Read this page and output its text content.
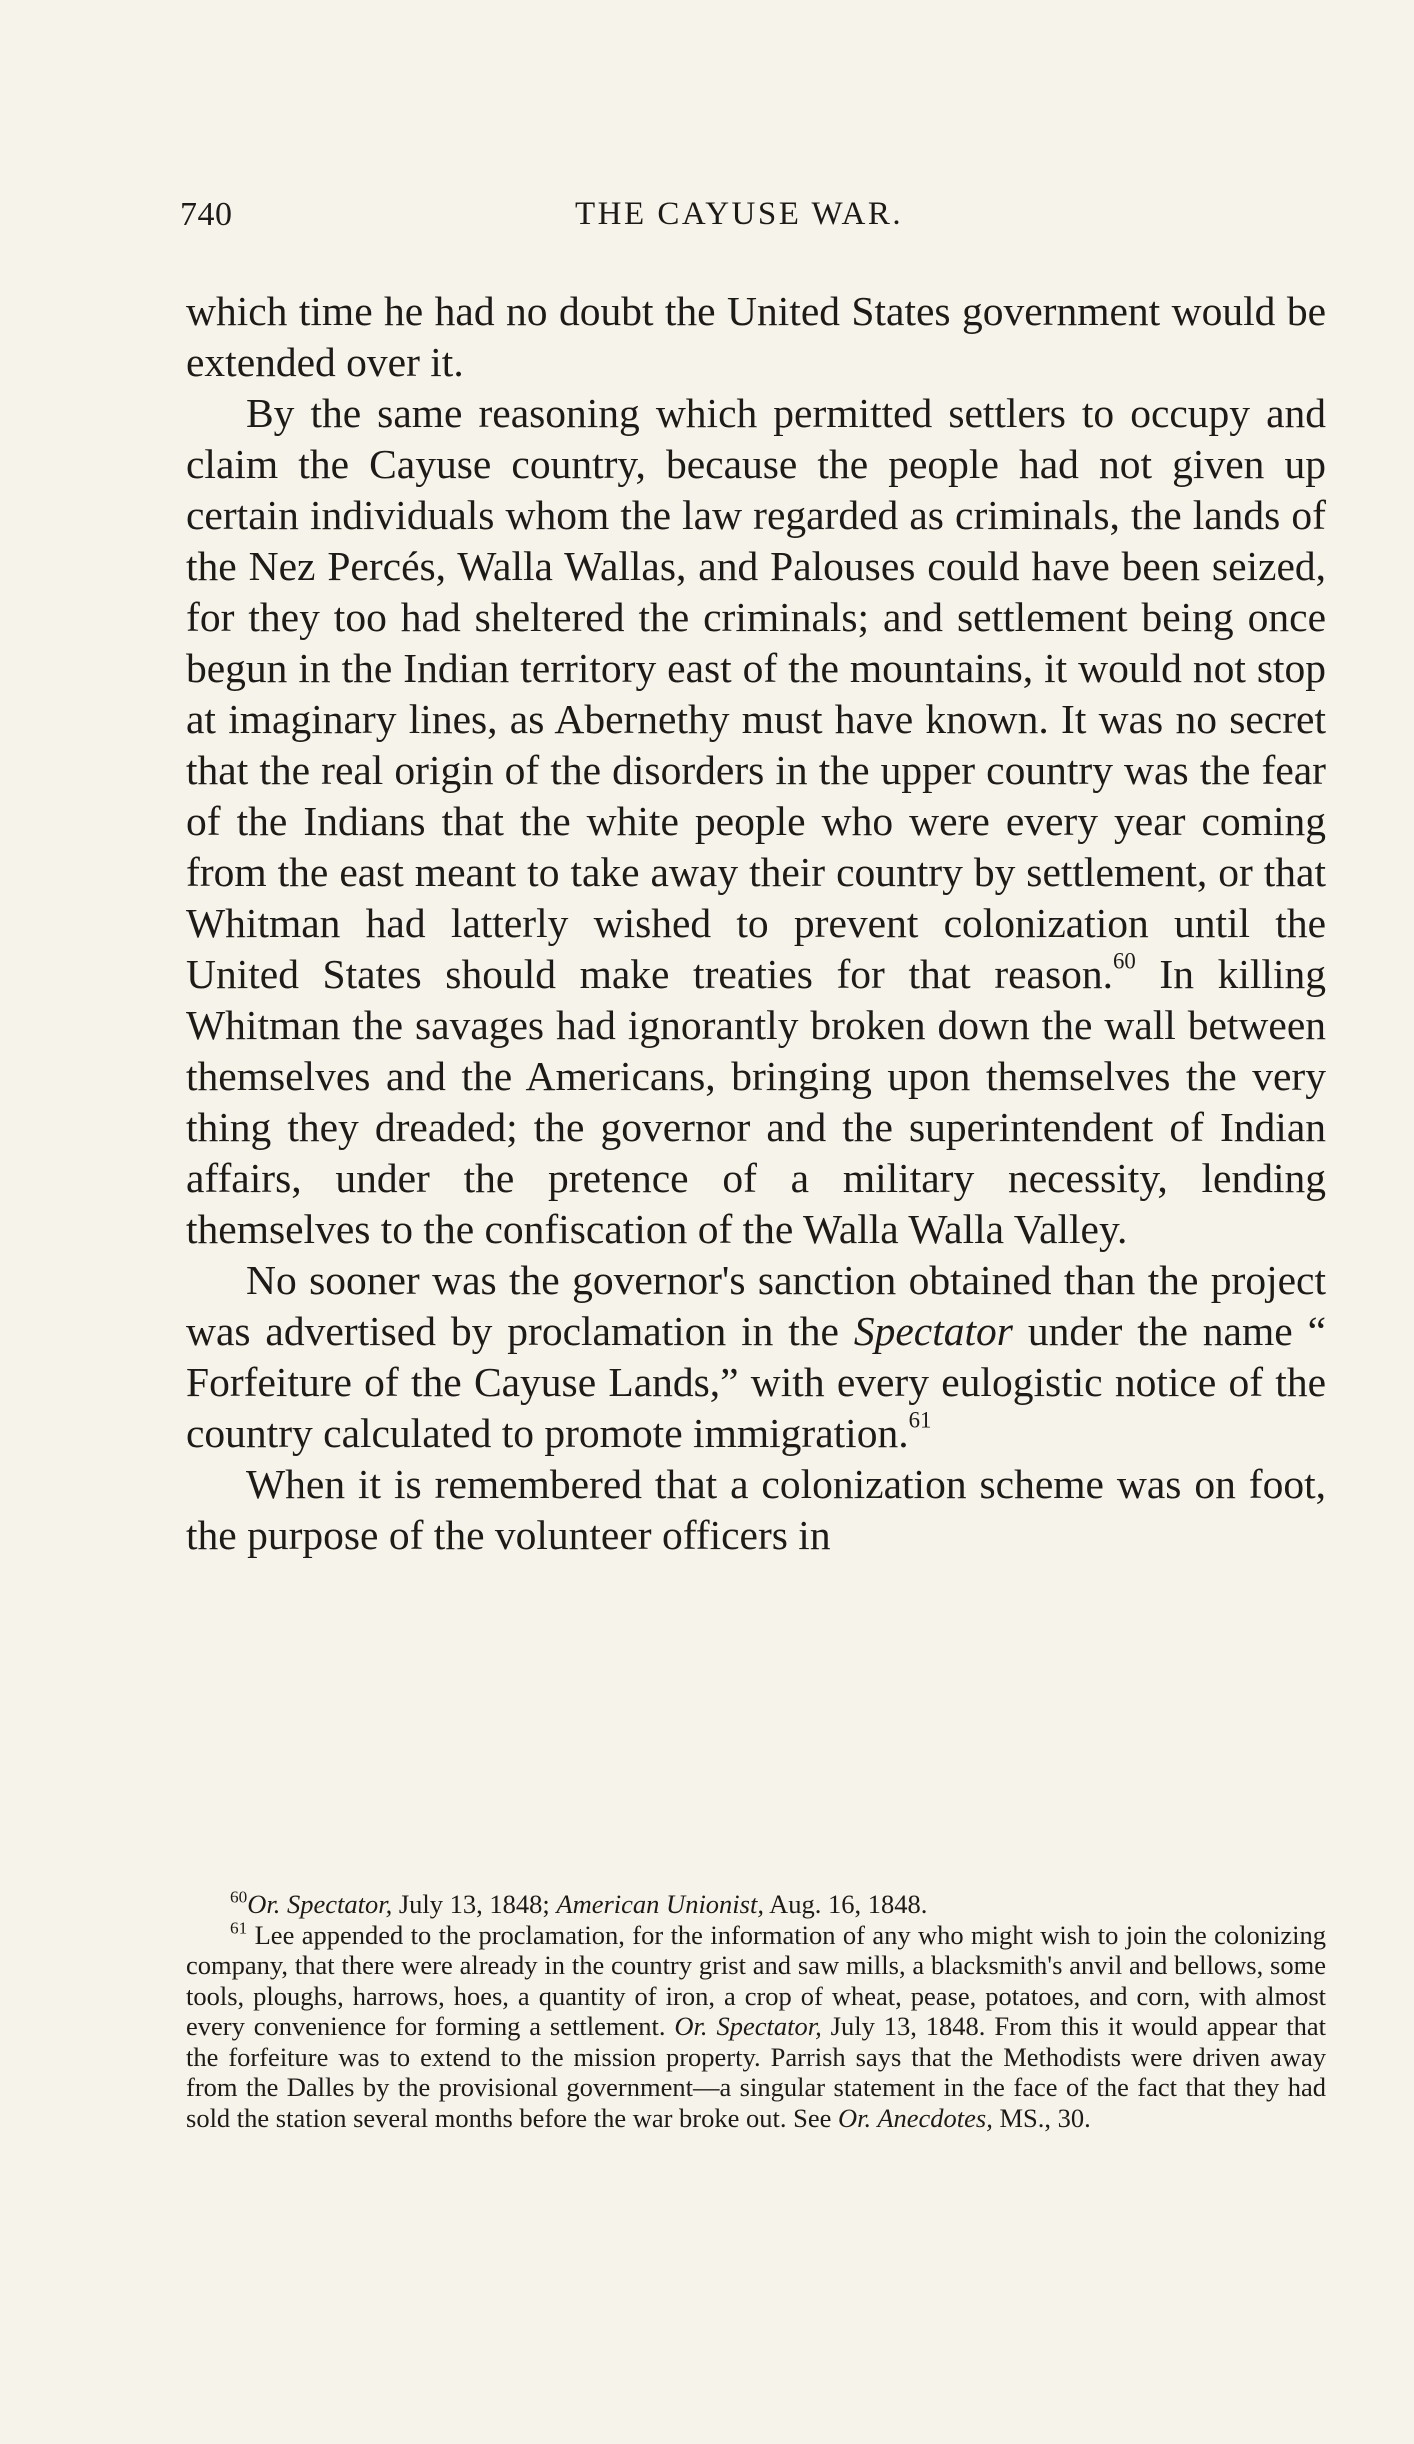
740	THE CAYUSE WAR.

which time he had no doubt the United States government would be extended over it.

By the same reasoning which permitted settlers to occupy and claim the Cayuse country, because the people had not given up certain individuals whom the law regarded as criminals, the lands of the Nez Percés, Walla Wallas, and Palouses could have been seized, for they too had sheltered the criminals; and settlement being once begun in the Indian territory east of the mountains, it would not stop at imaginary lines, as Abernethy must have known. It was no secret that the real origin of the disorders in the upper country was the fear of the Indians that the white people who were every year coming from the east meant to take away their country by settlement, or that Whitman had latterly wished to prevent colonization until the United States should make treaties for that reason.$^{60}$ In killing Whitman the savages had ignorantly broken down the wall between themselves and the Americans, bringing upon themselves the very thing they dreaded; the governor and the superintendent of Indian affairs, under the pretence of a military necessity, lending themselves to the confiscation of the Walla Walla Valley.

No sooner was the governor's sanction obtained than the project was advertised by proclamation in the Spectator under the name “ Forfeiture of the Cayuse Lands,” with every eulogistic notice of the country calculated to promote immigration.$^{61}$

When it is remembered that a colonization scheme was on foot, the purpose of the volunteer officers in

$^{60}$Or. Spectator, July 13, 1848; American Unionist, Aug. 16, 1848.

$^{61}$ Lee appended to the proclamation, for the information of any who might wish to join the colonizing company, that there were already in the country grist and saw mills, a blacksmith's anvil and bellows, some tools, ploughs, harrows, hoes, a quantity of iron, a crop of wheat, pease, potatoes, and corn, with almost every convenience for forming a settlement. Or. Spectator, July 13, 1848. From this it would appear that the forfeiture was to extend to the mission property. Parrish says that the Methodists were driven away from the Dalles by the provisional government—a singular statement in the face of the fact that they had sold the station several months before the war broke out. See Or. Anecdotes, MS., 30.
